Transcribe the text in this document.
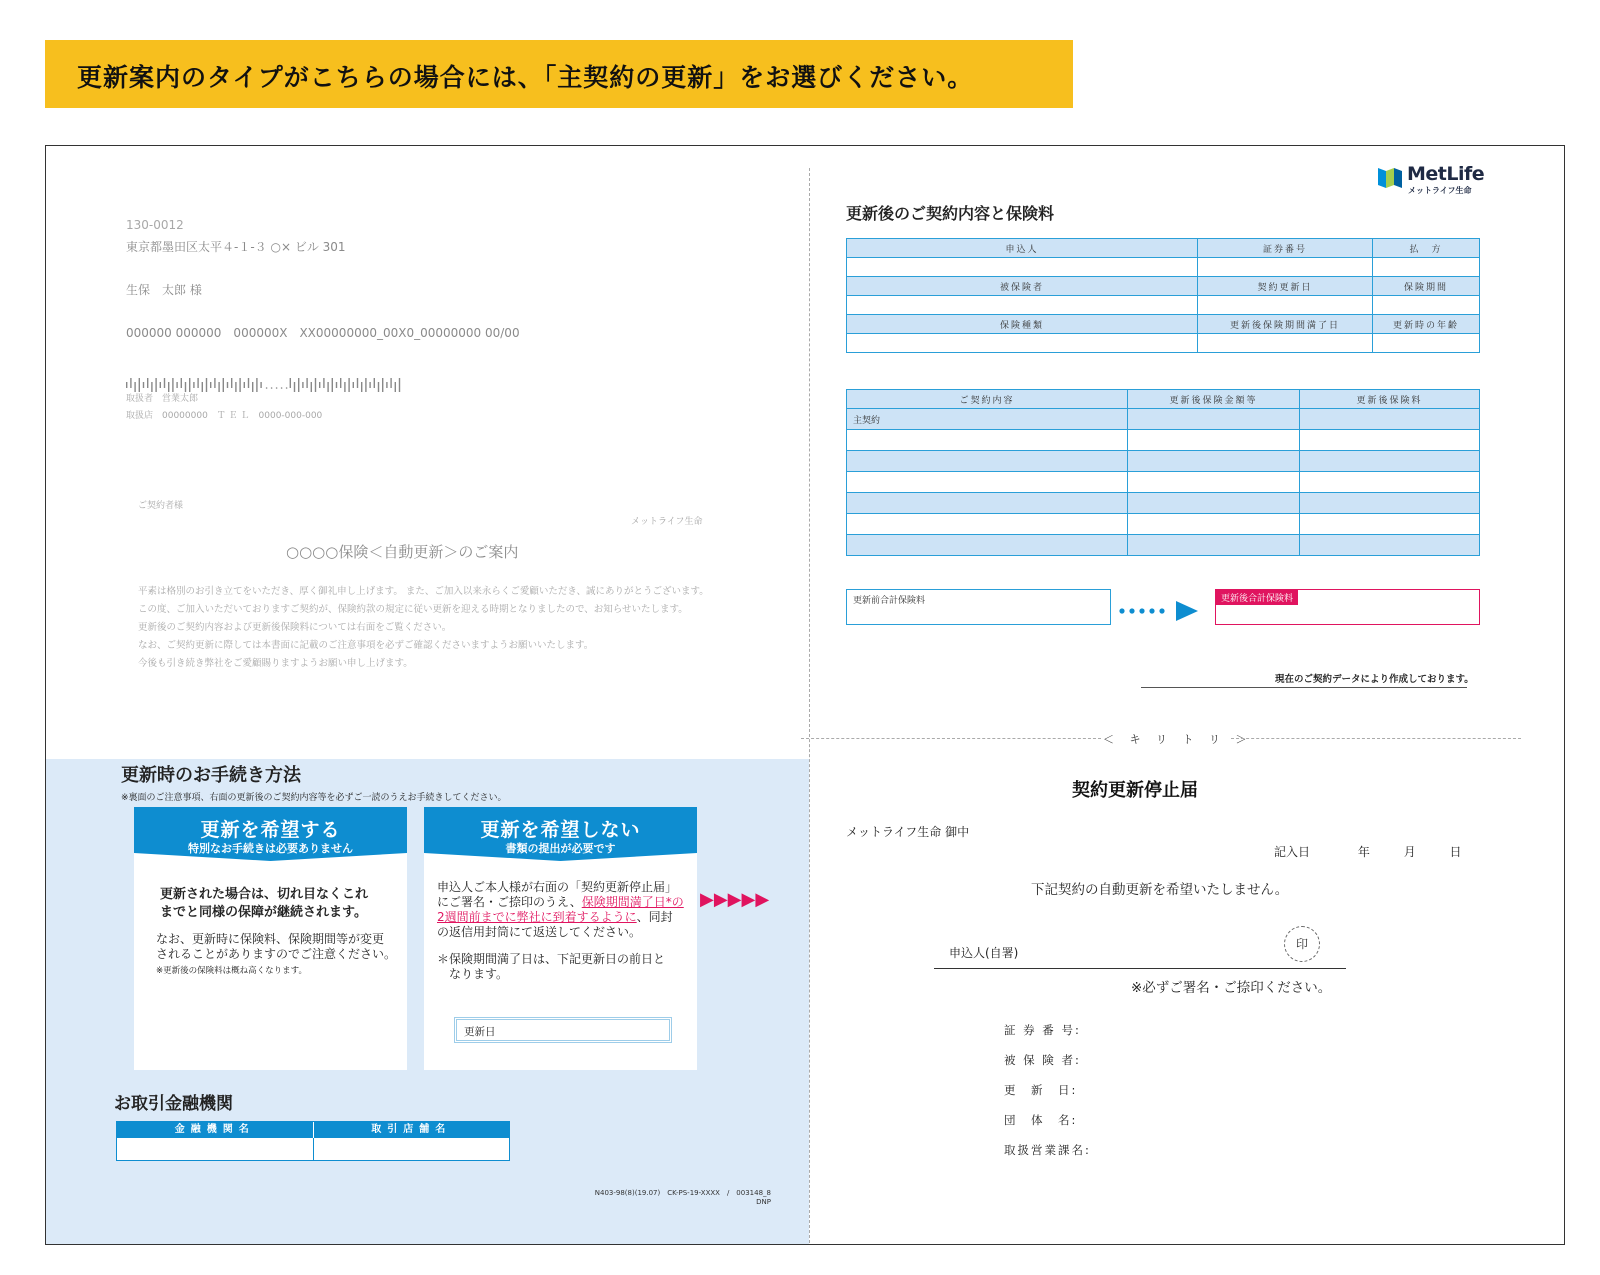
更新案内のタイプがこちらの場合には、「主契約の更新」をお選びください。
130-0012
東京都墨田区太平４-１-３ ○× ビル 301
生保　太郎 様
000000 000000　000000X　XX00000000_00X0_00000000 00/00
取扱者　営業太郎
取扱店　00000000　Ｔ Ｅ Ｌ　0000-000-000
ご契約者様
メットライフ生命
○○○○保険＜自動更新＞のご案内
平素は格別のお引き立てをいただき、厚く御礼申し上げます。 また、ご加入以来永らくご愛顧いただき、誠にありがとうございます。
この度、ご加入いただいておりますご契約が、保険約款の規定に従い更新を迎える時期となりましたので、お知らせいたします。
更新後のご契約内容および更新後保険料については右面をご覧ください。
なお、ご契約更新に際しては本書面に記載のご注意事項を必ずご確認くださいますようお願いいたします。
今後も引き続き弊社をご愛顧賜りますようお願い申し上げます。
更新時のお手続き方法
※裏面のご注意事項、右面の更新後のご契約内容等を必ずご一読のうえお手続きしてください。
更新を希望する
特別なお手続きは必要ありません
更新された場合は、切れ目なくこれ
までと同様の保障が継続されます。
なお、更新時に保険料、保険期間等が変更
されることがありますのでご注意ください。
※更新後の保険料は概ね高くなります。
更新を希望しない
書類の提出が必要です
申込人ご本人様が右面の「契約更新停止届」
にご署名・ご捺印のうえ、保険期間満了日*の
2週間前までに弊社に到着するように、同封
の返信用封筒にて返送してください。
＊保険期間満了日は、下記更新日の前日と
なります。
更新日
▶▶▶▶▶
お取引金融機関
金融機関名	取引店舗名
N403-98(8)(19.07)　CK-PS-19-XXXX　/　003148_8
DNP
MetLife
メットライフ生命
更新後のご契約内容と保険料
申込人	証券番号	払　方

被保険者	契約更新日	保険期間

保険種類	更新後保険期間満了日	更新時の年齢

ご契約内容	更新後保険金額等	更新後保険料
主契約		

更新前合計保険料	更新後合計保険料
現在のご契約データにより作成しております。
＜ キ リ ト リ ＞
契約更新停止届
メットライフ生命 御中
記入日	年	月	日
下記契約の自動更新を希望いたしません。
申込人(自署)
印
※必ずご署名・ご捺印ください。
証 券 番 号:
被 保 険 者:
更　新　日:
団　体　名:
取扱営業課名:
